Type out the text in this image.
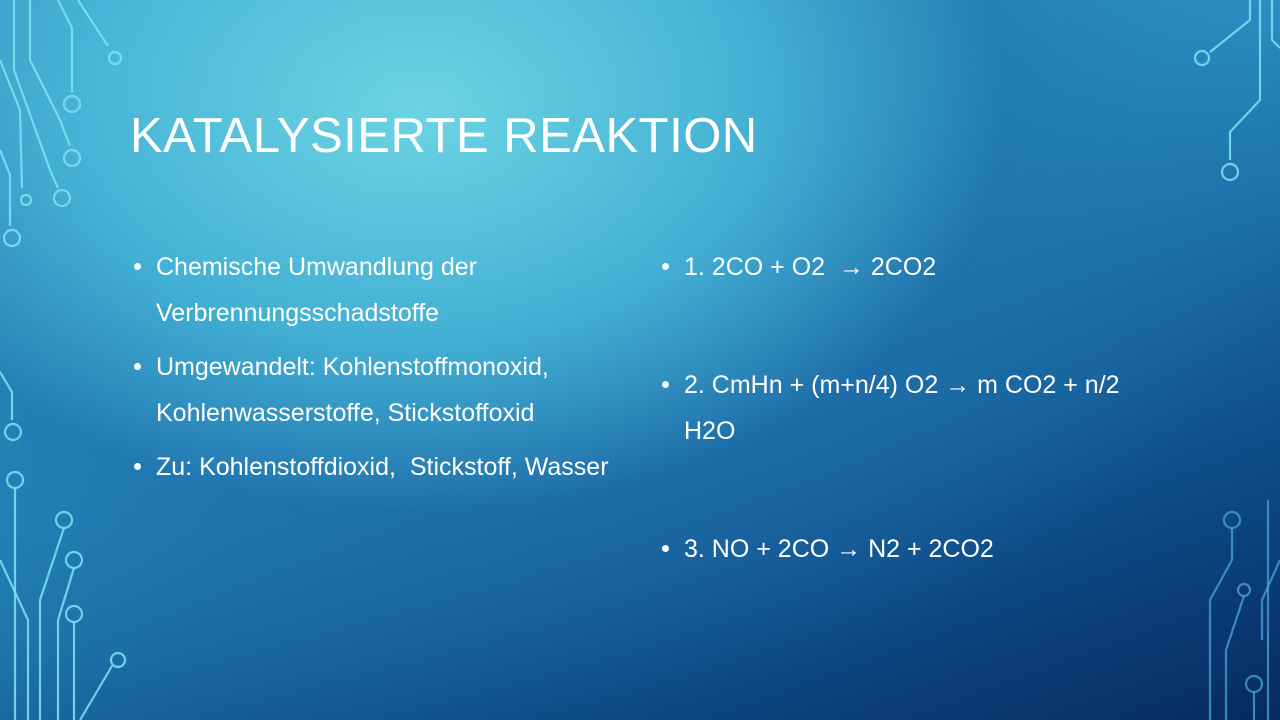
KATALYSIERTE REAKTION
Chemische Umwandlung der Verbrennungsschadstoffe
Umgewandelt: Kohlenstoffmonoxid, Kohlenwasserstoffe, Stickstoffoxid
Zu: Kohlenstoffdioxid,  Stickstoff, Wasser
1. 2CO + O2  → 2CO2
2. CmHn + (m+n/4) O2 → m CO2 + n/2 H2O
3. NO + 2CO → N2 + 2CO2
